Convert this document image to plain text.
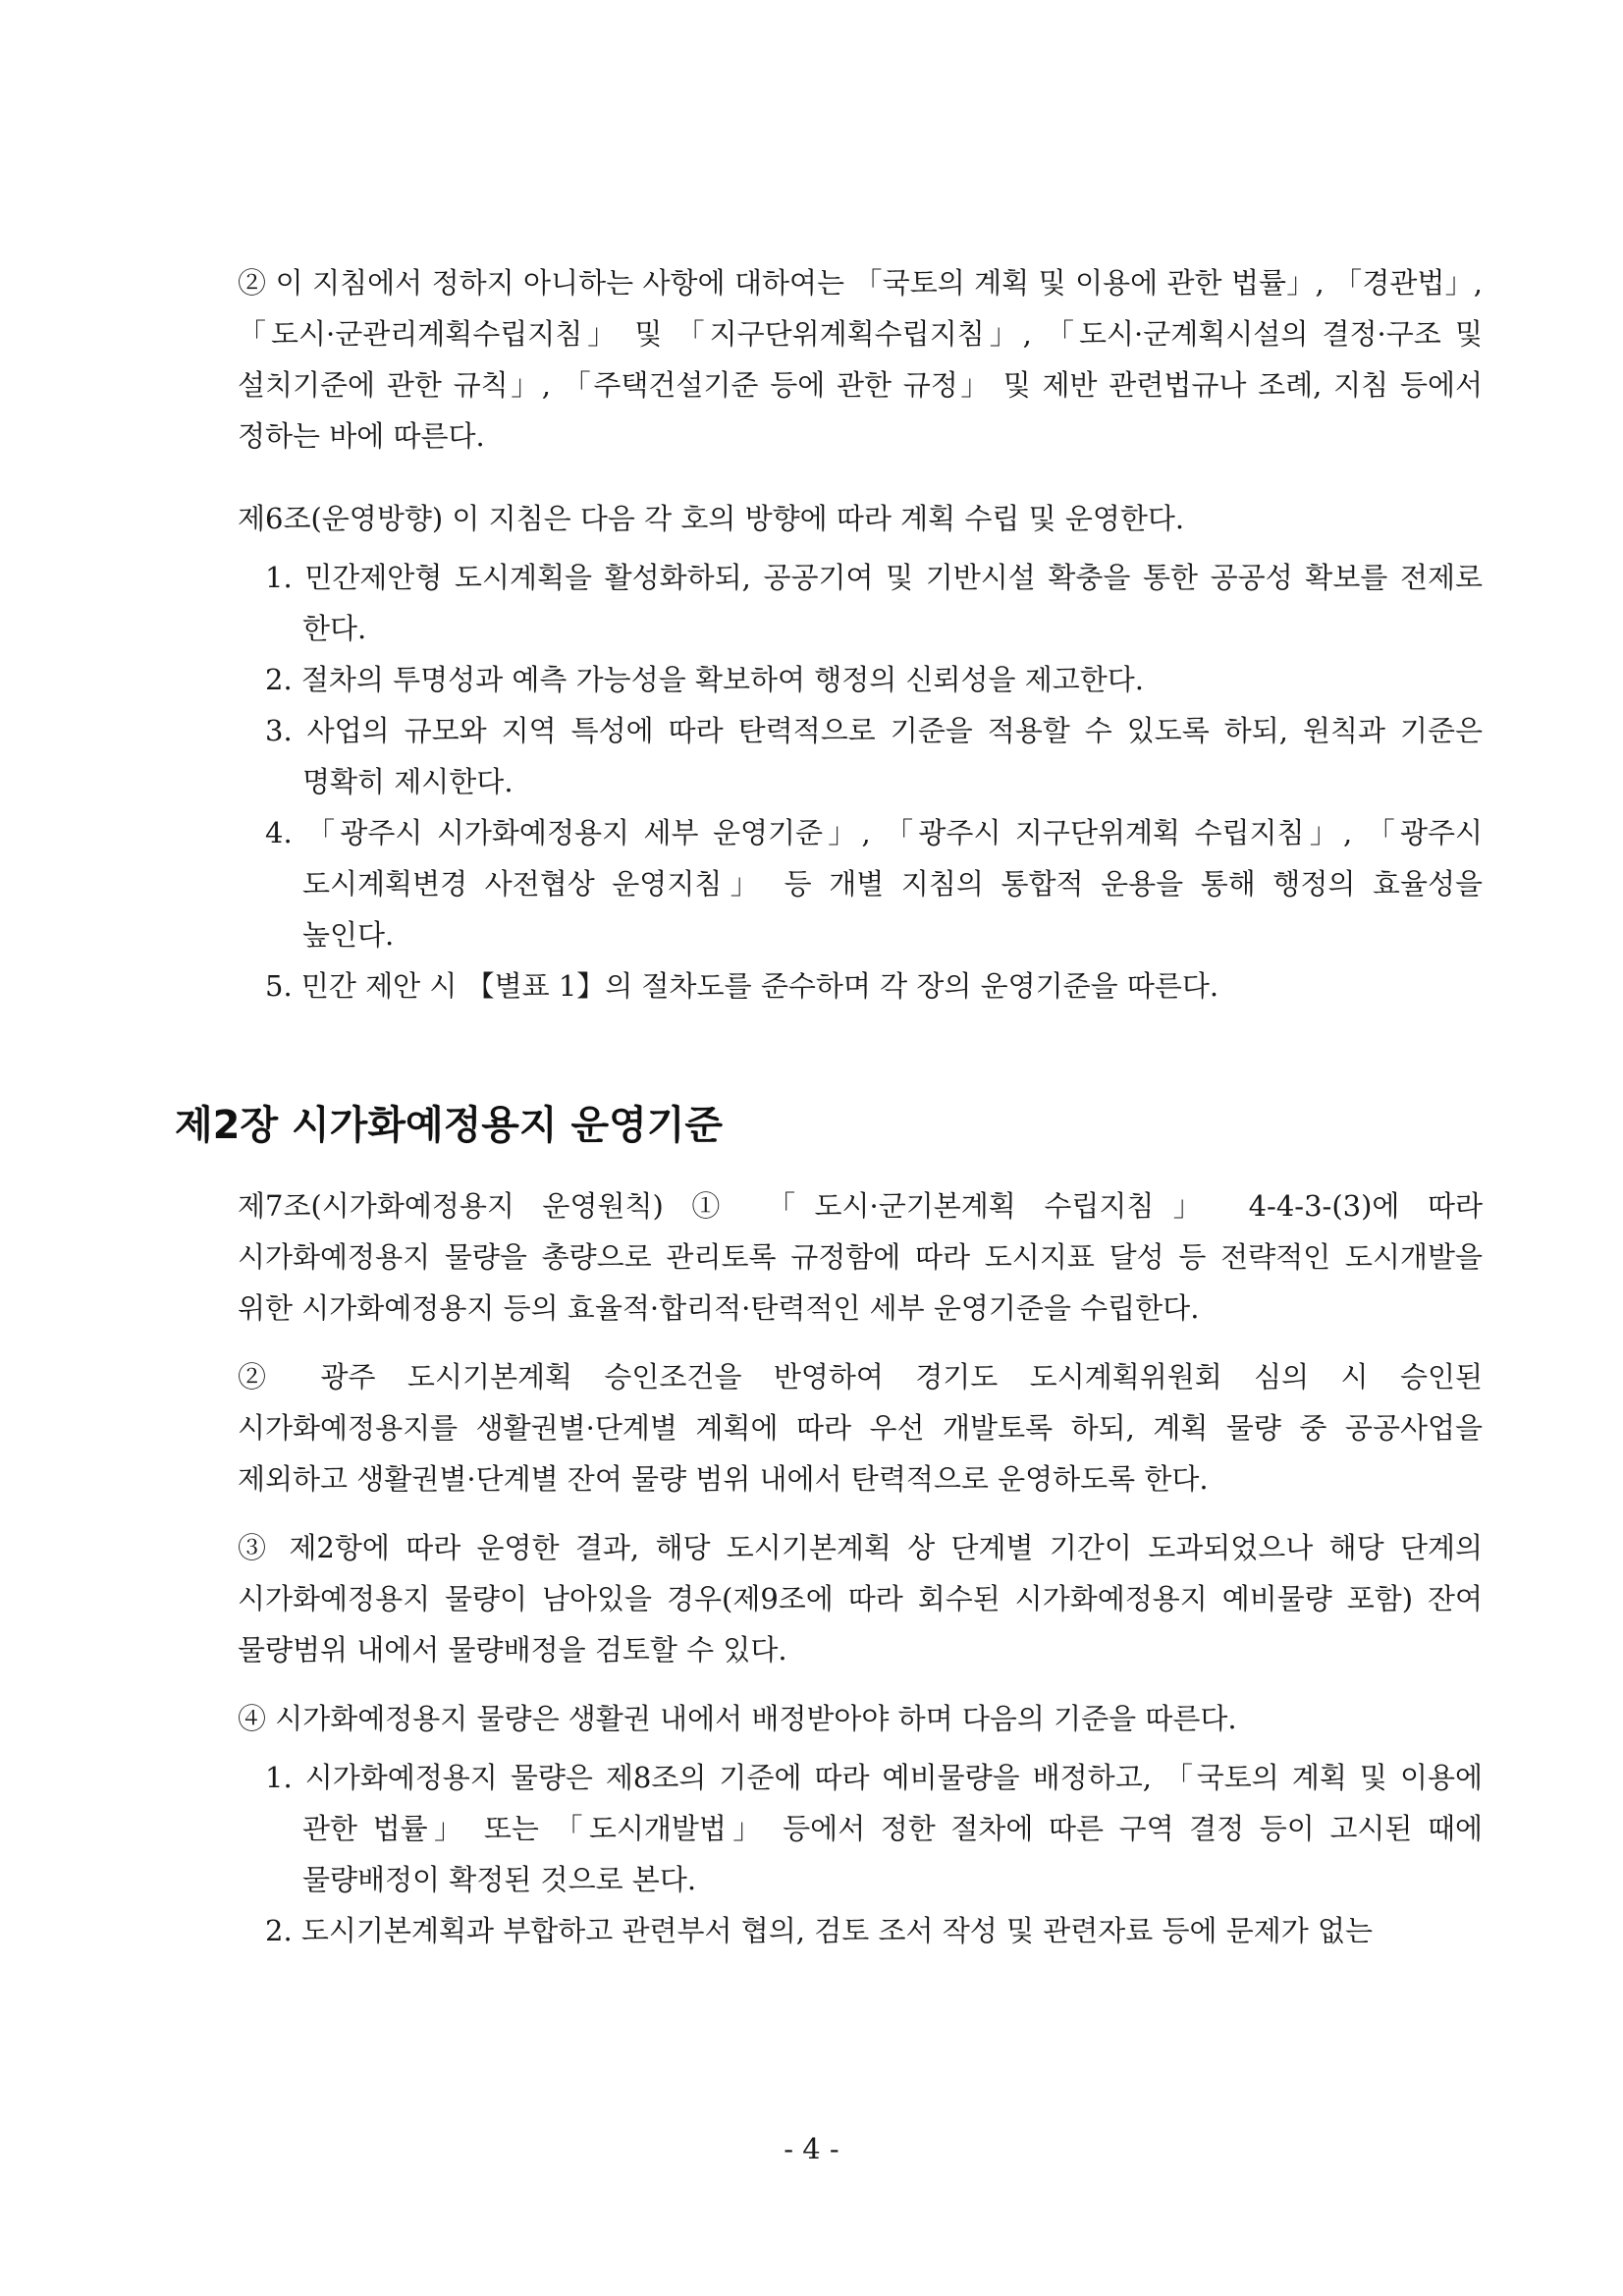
② 이 지침에서 정하지 아니하는 사항에 대하여는 「국토의 계획 및 이용에 관한 법률」, 「경관법」, 「도시·군관리계획수립지침」 및 「지구단위계획수립지침」, 「도시·군계획시설의 결정·구조 및 설치기준에 관한 규칙」, 「주택건설기준 등에 관한 규정」 및 제반 관련법규나 조례, 지침 등에서 정하는 바에 따른다.

제6조(운영방향) 이 지침은 다음 각 호의 방향에 따라 계획 수립 및 운영한다.

1. 민간제안형 도시계획을 활성화하되, 공공기여 및 기반시설 확충을 통한 공공성 확보를 전제로 한다.

2. 절차의 투명성과 예측 가능성을 확보하여 행정의 신뢰성을 제고한다.

3. 사업의 규모와 지역 특성에 따라 탄력적으로 기준을 적용할 수 있도록 하되, 원칙과 기준은 명확히 제시한다.

4. 「광주시 시가화예정용지 세부 운영기준」, 「광주시 지구단위계획 수립지침」, 「광주시 도시계획변경 사전협상 운영지침」 등 개별 지침의 통합적 운용을 통해 행정의 효율성을 높인다.

5. 민간 제안 시 【별표 1】의 절차도를 준수하며 각 장의 운영기준을 따른다.

제2장 시가화예정용지 운영기준

제7조(시가화예정용지 운영원칙) ① 「도시·군기본계획 수립지침」 4-4-3-(3)에 따라 시가화예정용지 물량을 총량으로 관리토록 규정함에 따라 도시지표 달성 등 전략적인 도시개발을 위한 시가화예정용지 등의 효율적·합리적·탄력적인 세부 운영기준을 수립한다.

② 광주 도시기본계획 승인조건을 반영하여 경기도 도시계획위원회 심의 시 승인된 시가화예정용지를 생활권별·단계별 계획에 따라 우선 개발토록 하되, 계획 물량 중 공공사업을 제외하고 생활권별·단계별 잔여 물량 범위 내에서 탄력적으로 운영하도록 한다.

③ 제2항에 따라 운영한 결과, 해당 도시기본계획 상 단계별 기간이 도과되었으나 해당 단계의 시가화예정용지 물량이 남아있을 경우(제9조에 따라 회수된 시가화예정용지 예비물량 포함) 잔여 물량범위 내에서 물량배정을 검토할 수 있다.

④ 시가화예정용지 물량은 생활권 내에서 배정받아야 하며 다음의 기준을 따른다.

1. 시가화예정용지 물량은 제8조의 기준에 따라 예비물량을 배정하고, 「국토의 계획 및 이용에 관한 법률」 또는 「도시개발법」 등에서 정한 절차에 따른 구역 결정 등이 고시된 때에 물량배정이 확정된 것으로 본다.

2. 도시기본계획과 부합하고 관련부서 협의, 검토 조서 작성 및 관련자료 등에 문제가 없는

- 4 -
